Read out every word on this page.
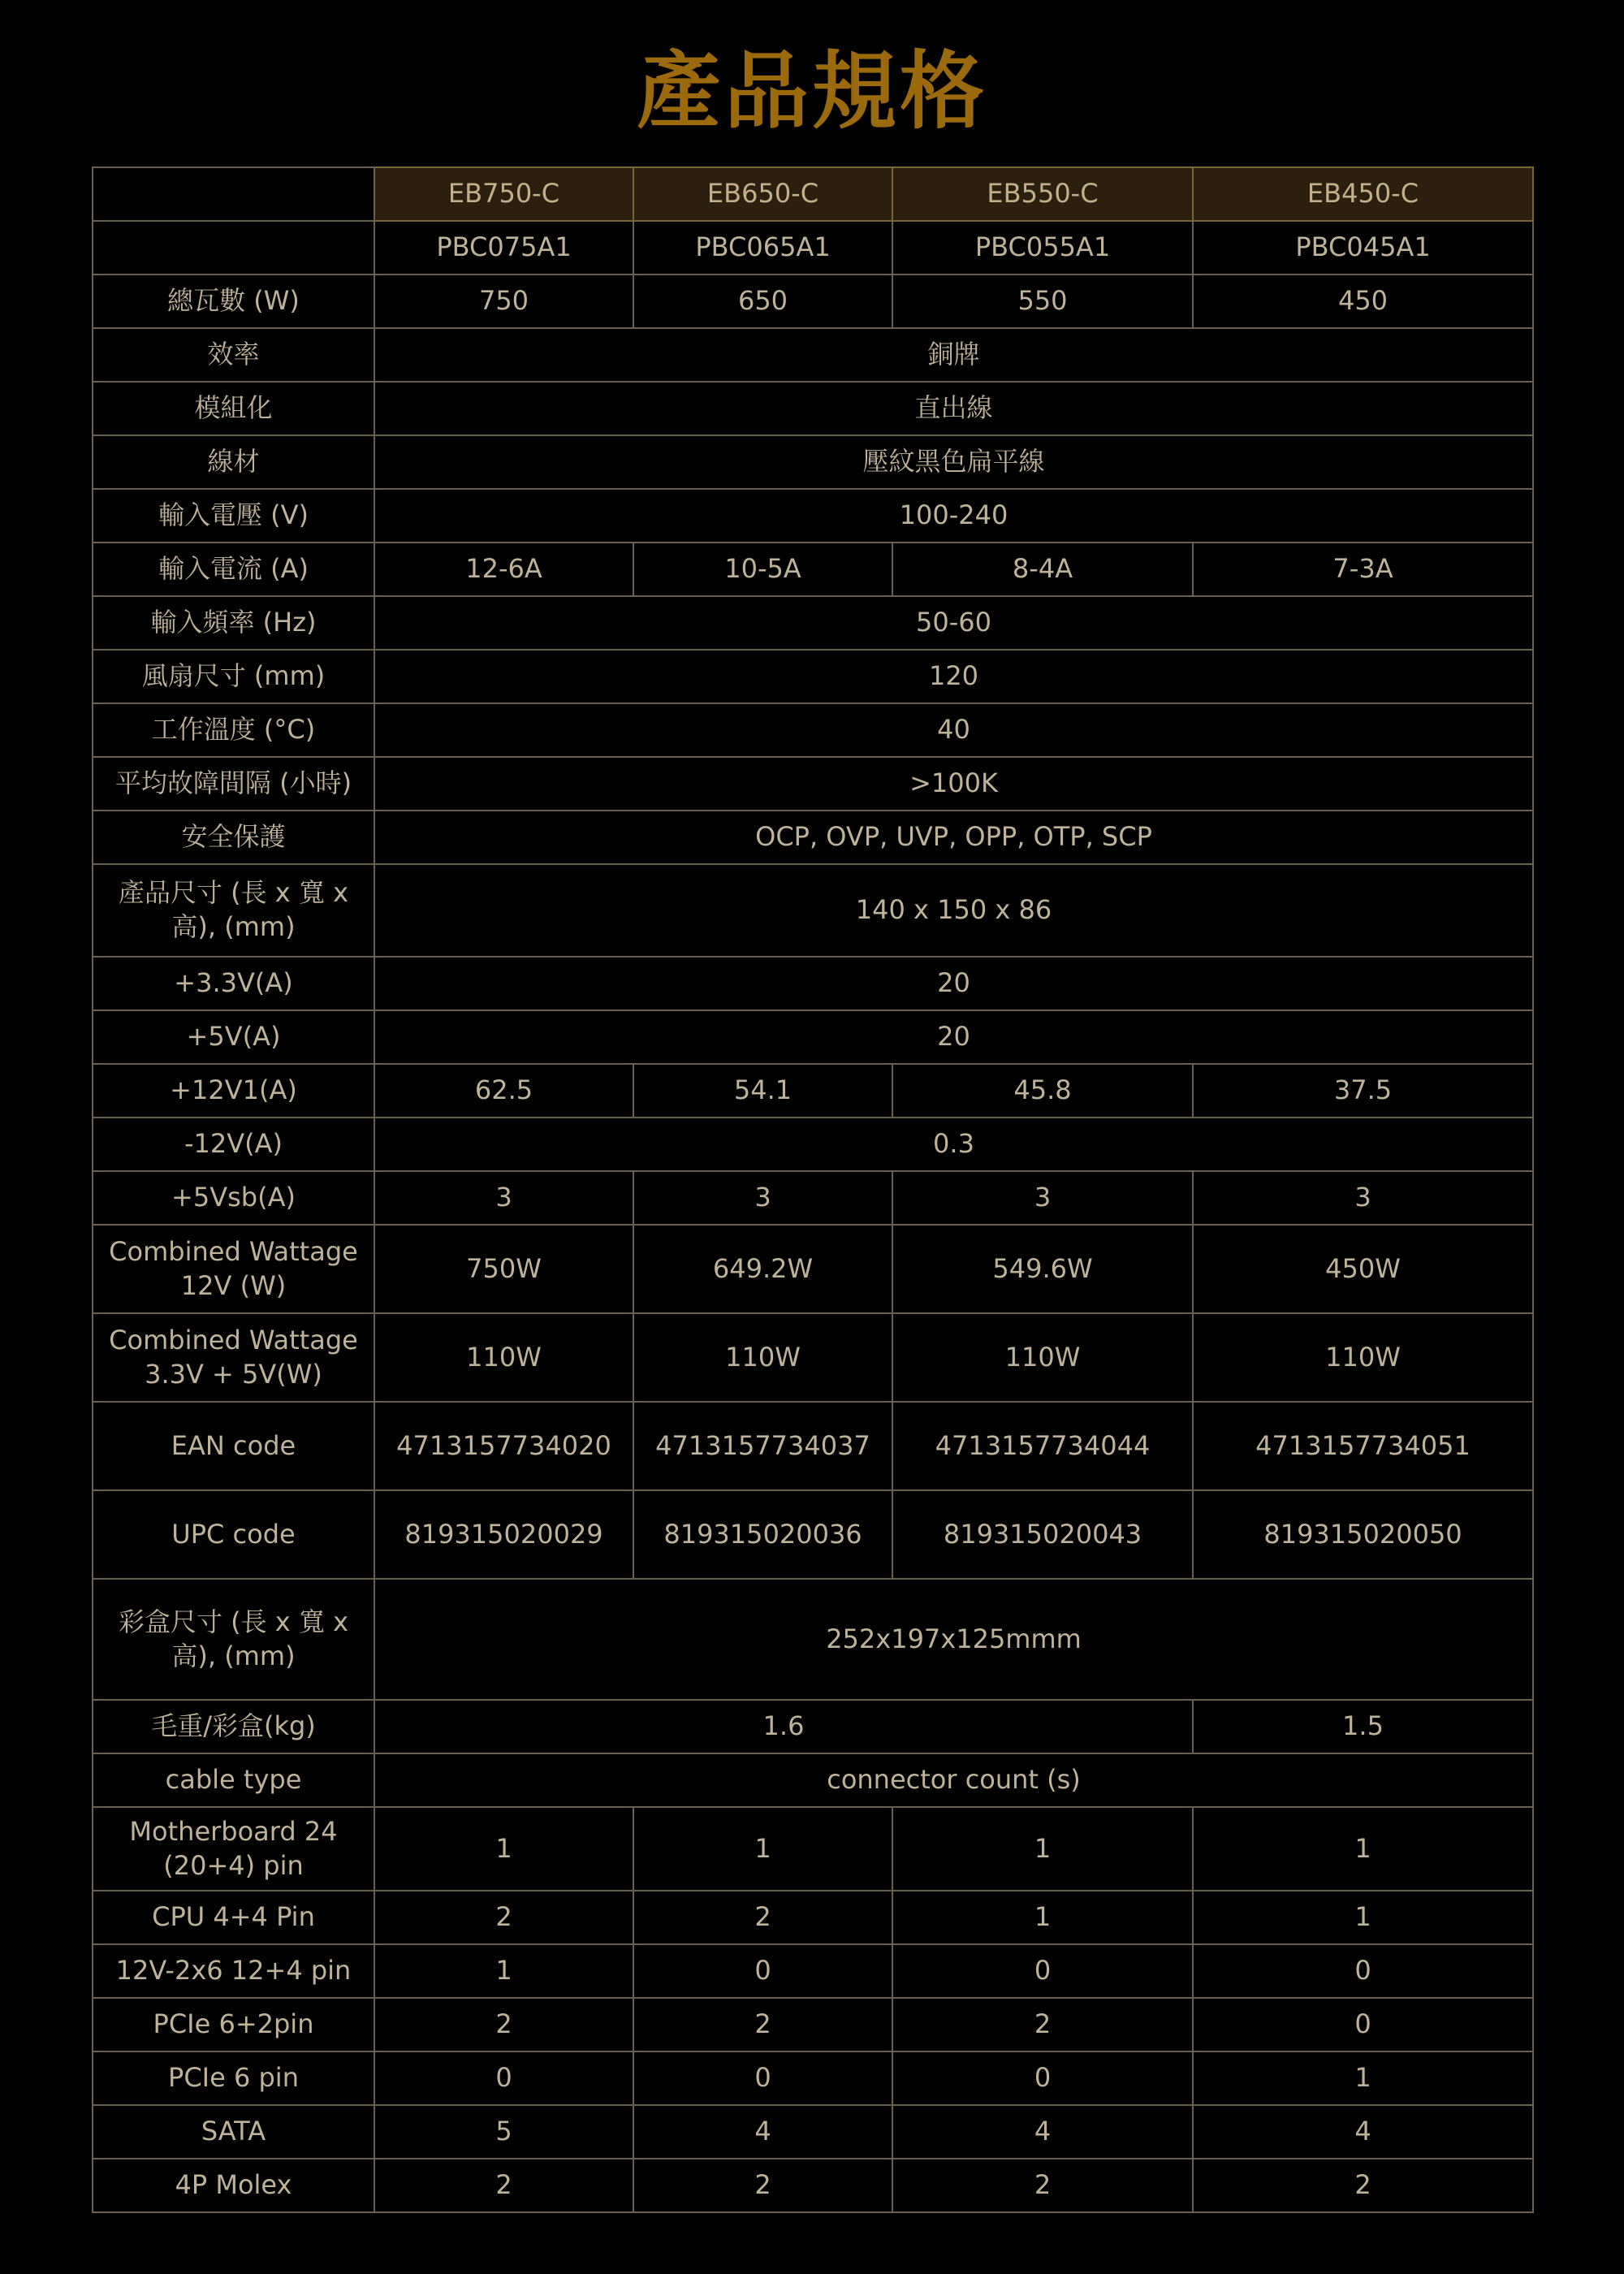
產品規格
	EB750-C	EB650-C	EB550-C	EB450-C
	PBC075A1	PBC065A1	PBC055A1	PBC045A1
總瓦數 (W)	750	650	550	450
效率	銅牌			
模組化	直出線			
線材	壓紋黑色扁平線			
輸入電壓 (V)	100-240			
輸入電流 (A)	12-6A	10-5A	8-4A	7-3A
輸入頻率 (Hz)	50-60			
風扇尺寸 (mm)	120			
工作溫度 (°C)	40			
平均故障間隔 (小時)	>100K			
安全保護	OCP, OVP, UVP, OPP, OTP, SCP			
產品尺寸 (長 x 寬 x 高), (mm)	140 x 150 x 86			
+3.3V(A)	20			
+5V(A)	20			
+12V1(A)	62.5	54.1	45.8	37.5
-12V(A)	0.3			
+5Vsb(A)	3	3	3	3
Combined Wattage 12V (W)	750W	649.2W	549.6W	450W
Combined Wattage 3.3V + 5V(W)	110W	110W	110W	110W
EAN code	4713157734020	4713157734037	4713157734044	4713157734051
UPC code	819315020029	819315020036	819315020043	819315020050
彩盒尺寸 (長 x 寬 x 高), (mm)	252x197x125mmm			
毛重/彩盒(kg)	1.6			1.5
cable type	connector count (s)			
Motherboard 24 (20+4) pin	1	1	1	1
CPU 4+4 Pin	2	2	1	1
12V-2x6 12+4 pin	1	0	0	0
PCIe 6+2pin	2	2	2	0
PCIe 6 pin	0	0	0	1
SATA	5	4	4	4
4P Molex	2	2	2	2
